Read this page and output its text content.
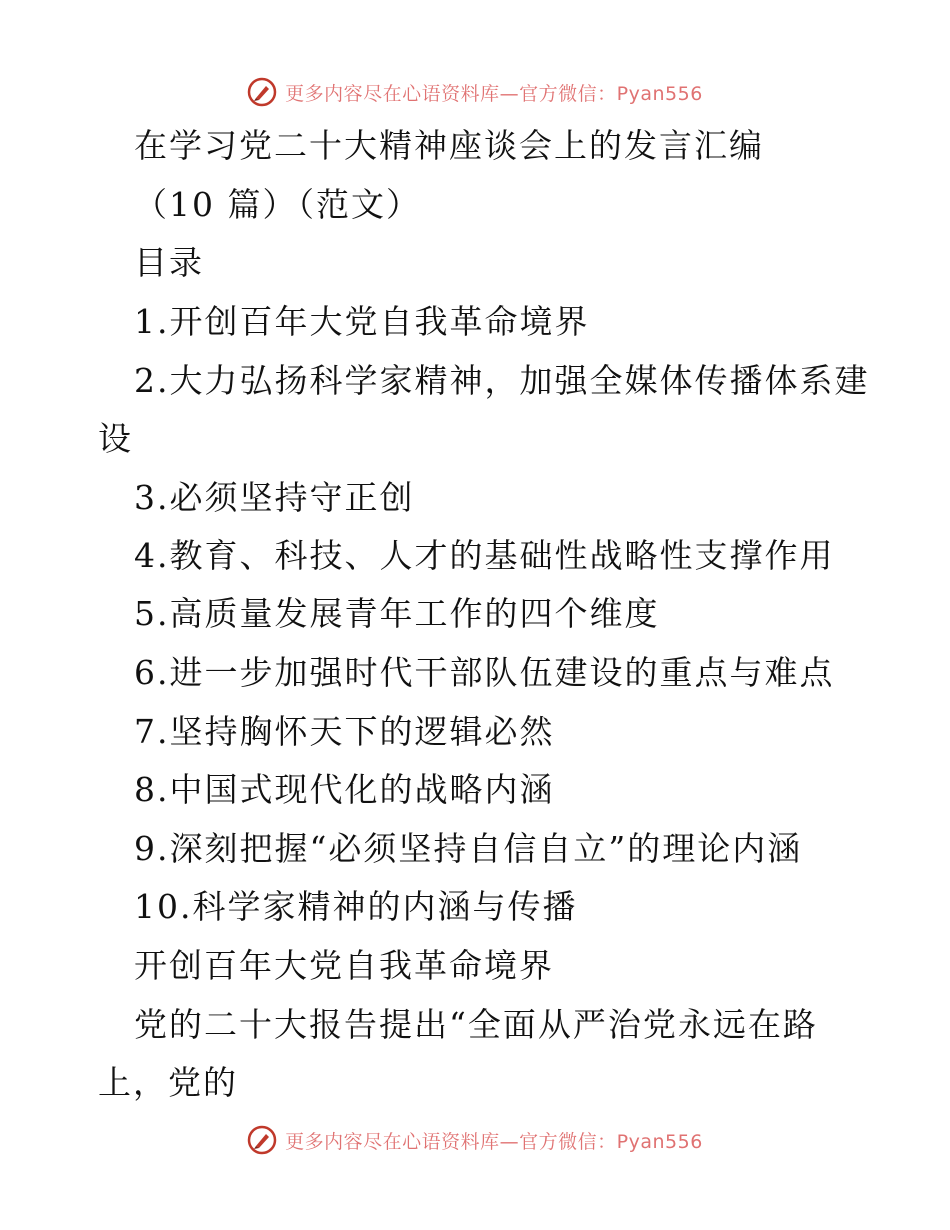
更多内容尽在心语资料库—官方微信：Pyan556
在学习党二十大精神座谈会上的发言汇编
（10 篇）（范文）
目录
1.开创百年大党自我革命境界
2.大力弘扬科学家精神，加强全媒体传播体系建
设
3.必须坚持守正创
4.教育、科技、人才的基础性战略性支撑作用
5.高质量发展青年工作的四个维度
6.进一步加强时代干部队伍建设的重点与难点
7.坚持胸怀天下的逻辑必然
8.中国式现代化的战略内涵
9.深刻把握“必须坚持自信自立”的理论内涵
10.科学家精神的内涵与传播
开创百年大党自我革命境界
党的二十大报告提出“全面从严治党永远在路
上，党的
更多内容尽在心语资料库—官方微信：Pyan556
